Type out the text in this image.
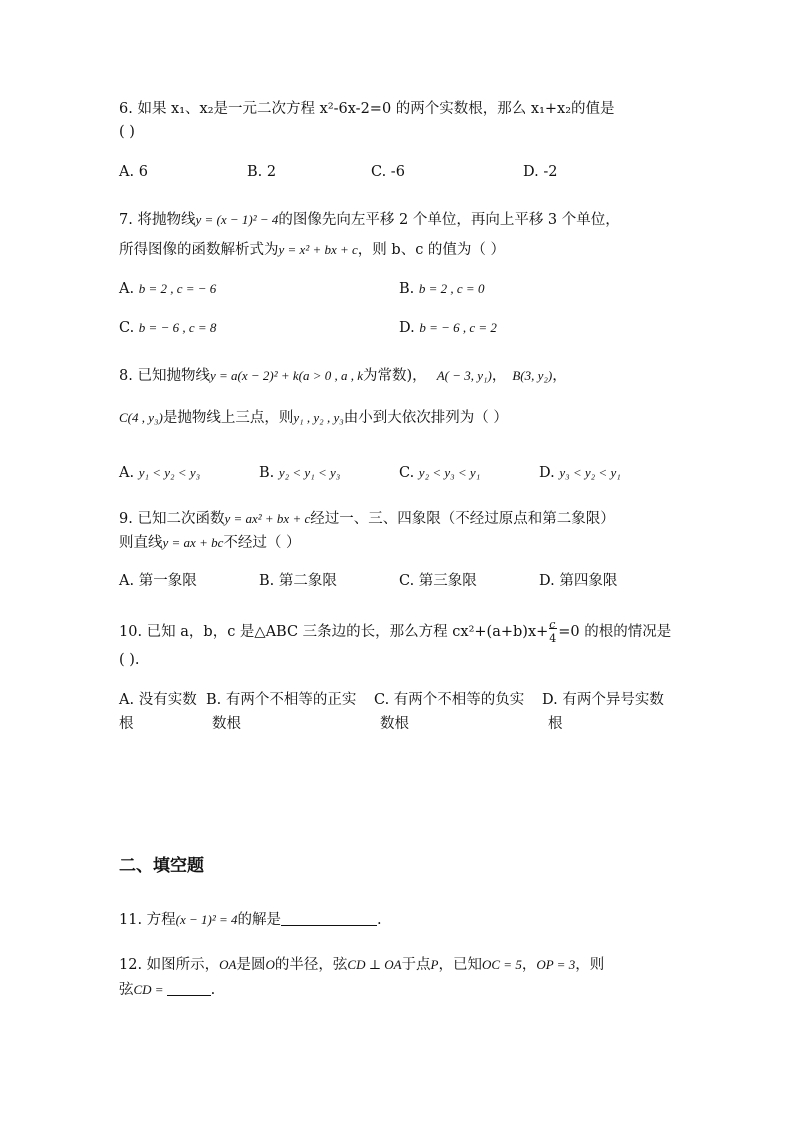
6. 如果 x₁、x₂是一元二次方程 x²-6x-2=0 的两个实数根，那么 x₁+x₂的值是
( )
A. 6	B. 2	C. -6	D. -2
7. 将抛物线y = (x − 1)² − 4的图像先向左平移 2 个单位，再向上平移 3 个单位，
所得图像的函数解析式为y = x² + bx + c，则 b、c 的值为（ ）
A. b = 2 , c = − 6	B. b = 2 , c = 0
C. b = − 6 , c = 8	D. b = − 6 , c = 2
8. 已知抛物线y = a(x − 2)² + k(a > 0 , a , k为常数)， A( − 3, y₁)， B(3, y₂)，
C(4 , y₃)是抛物线上三点，则y₁ , y₂ , y₃由小到大依次排列为（ ）
A. y₁ < y₂ < y₃	B. y₂ < y₁ < y₃	C. y₂ < y₃ < y₁	D. y₃ < y₂ < y₁
9. 已知二次函数y = ax² + bx + c经过一、三、四象限（不经过原点和第二象限）
则直线y = ax + bc不经过（ ）
A. 第一象限	B. 第二象限	C. 第三象限	D. 第四象限
10. 已知 a，b，c 是△ABC 三条边的长，那么方程 cx²+(a+b)x+ c
4 =0 的根的情况是
( ).
A. 没有实数
根
B. 有两个不相等的正实
数根
C. 有两个不相等的负实
数根
D. 有两个异号实数
根
二、填空题
11. 方程(x − 1)² = 4的解是	.
12. 如图所示，OA是圆O的半径，弦CD ⊥ OA于点P，已知OC = 5，OP = 3，则
弦CD =	.
